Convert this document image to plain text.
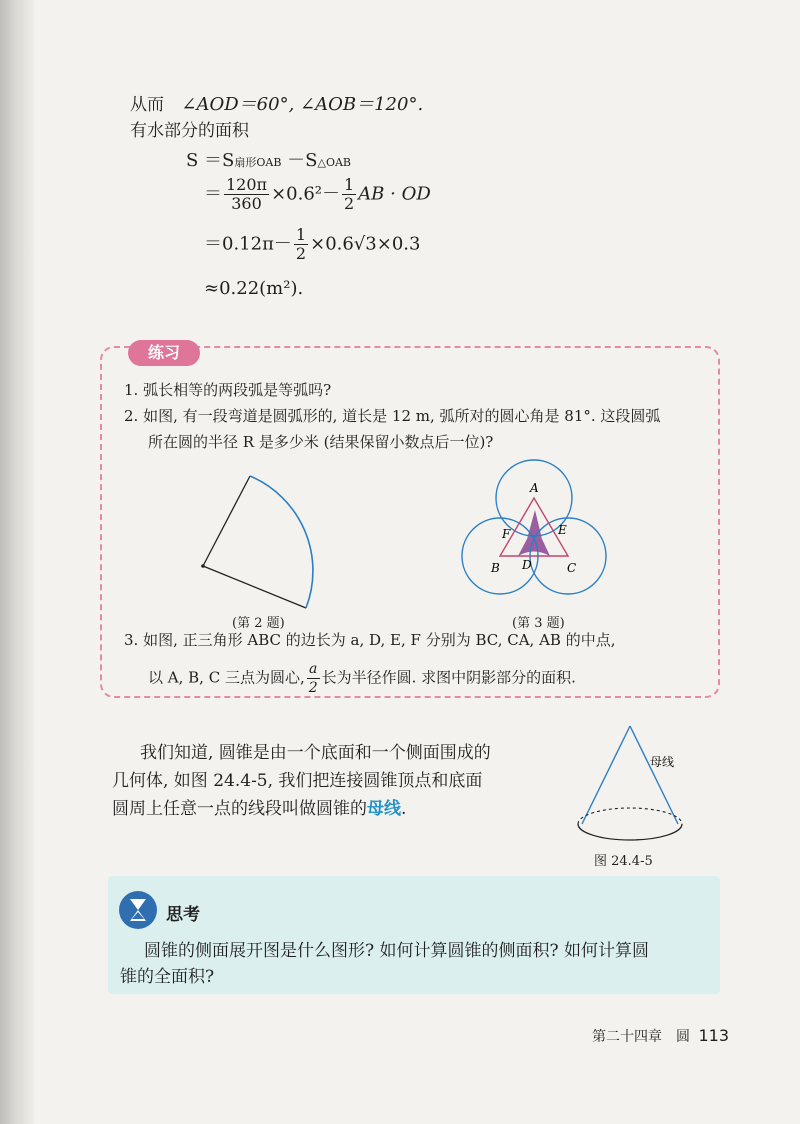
从而 ∠AOD＝60°, ∠AOB＝120°.
有水部分的面积
S ＝S扇形OAB －S△OAB
＝ $\frac{120\pi}{360} \times 0.6^2- \frac{1}{2}$ AB · OD
$=0.12\pi- \frac{1}{2} \times 0.6√3\times 0.3$
≈0.22(m²).
练习
1. 弧长相等的两段弧是等弧吗?
2. 如图, 有一段弯道是圆弧形的, 道长是 12 m, 弧所对的圆心角是 81°. 这段圆弧
所在圆的半径 R 是多少米 (结果保留小数点后一位)?
(第 2 题)
A
B	C
D
E
F
(第 3 题)
3. 如图, 正三角形 ABC 的边长为 a, D, E, F 分别为 BC, CA, AB 的中点,
以 A, B, C 三点为圆心, $\frac{a}{2}$ 长为半径作圆. 求图中阴影部分的面积.
我们知道, 圆锥是由一个底面和一个侧面围成的
几何体, 如图 24.4-5, 我们把连接圆锥顶点和底面
圆周上任意一点的线段叫做圆锥的母线.
母线
图 24.4-5
思考
圆锥的侧面展开图是什么图形? 如何计算圆锥的侧面积? 如何计算圆
锥的全面积?
第二十四章　圆 113
